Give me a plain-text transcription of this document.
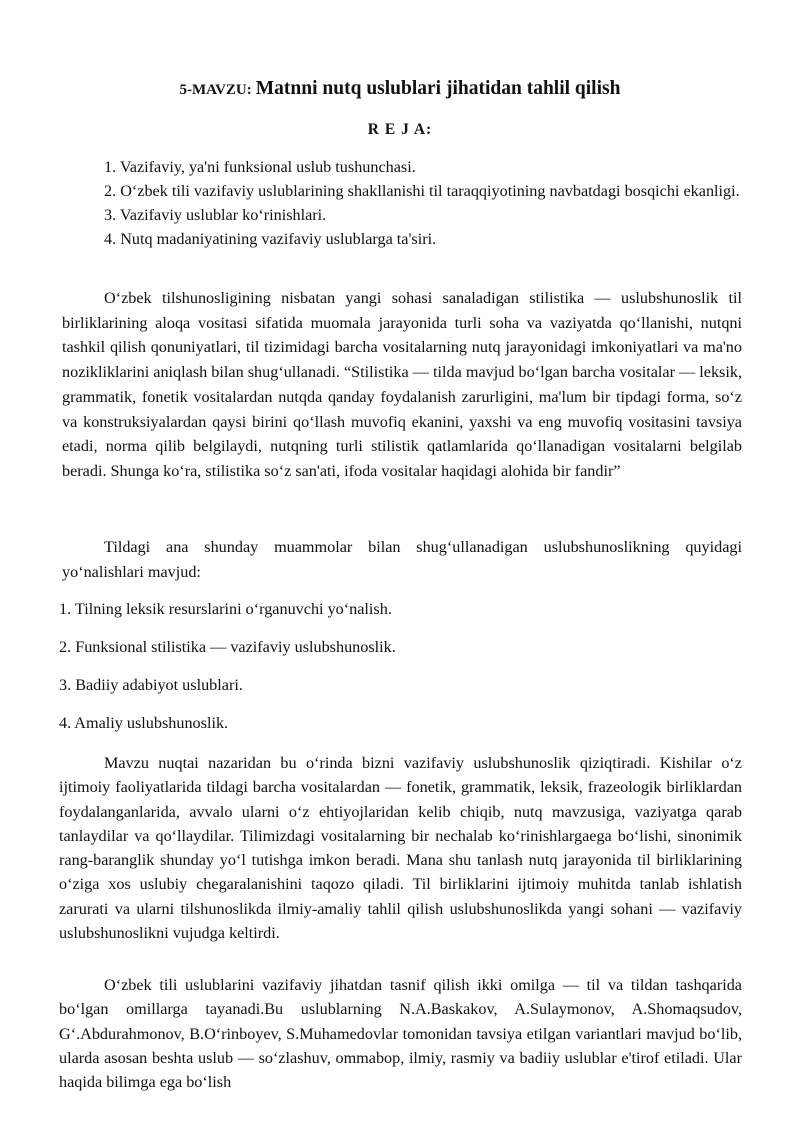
5-MAVZU: Matnni nutq uslublari jihatidan tahlil qilish
R E J A:
1. Vazifaviy, ya'ni funksional uslub tushunchasi.
2. O‘zbek tili vazifaviy uslublarining shakllanishi til taraqqiyotining navbatdagi bosqichi ekanligi.
3. Vazifaviy uslublar ko‘rinishlari.
4. Nutq madaniyatining vazifaviy uslublarga ta'siri.

O‘zbek tilshunosligining nisbatan yangi sohasi sanaladigan stilistika — uslubshunoslik til birliklarining aloqa vositasi sifatida muomala jarayonida turli soha va vaziyatda qo‘llanishi, nutqni tashkil qilish qonuniyatlari, til tizimidagi barcha vositalarning nutq jarayonidagi imkoniyatlari va ma'no nozikliklarini aniqlash bilan shug‘ullanadi. “Stilistika — tilda mavjud bo‘lgan barcha vositalar — leksik, grammatik, fonetik vositalardan nutqda qanday foydalanish zarurligini, ma'lum bir tipdagi forma, so‘z va konstruksiyalardan qaysi birini qo‘llash muvofiq ekanini, yaxshi va eng muvofiq vositasini tavsiya etadi, norma qilib belgilaydi, nutqning turli stilistik qatlamlarida qo‘llanadigan vositalarni belgilab beradi. Shunga ko‘ra, stilistika so‘z san'ati, ifoda vositalar haqidagi alohida bir fandir”

Tildagi ana shunday muammolar bilan shug‘ullanadigan uslubshunoslikning quyidagi yo‘nalishlari mavjud:

1. Tilning leksik resurslarini o‘rganuvchi yo‘nalish.

2. Funksional stilistika — vazifaviy uslubshunoslik.

3. Badiiy adabiyot uslublari.

4. Amaliy uslubshunoslik.

Mavzu nuqtai nazaridan bu o‘rinda bizni vazifaviy uslubshunoslik qiziqtiradi. Kishilar o‘z ijtimoiy faoliyatlarida tildagi barcha vositalardan — fonetik, grammatik, leksik, frazeologik birliklardan foydalanganlarida, avvalo ularni o‘z ehtiyojlaridan kelib chiqib, nutq mavzusiga, vaziyatga qarab tanlaydilar va qo‘llaydilar. Tilimizdagi vositalarning bir nechalab ko‘rinishlargaega bo‘lishi, sinonimik rang-baranglik shunday yo‘l tutishga imkon beradi. Mana shu tanlash nutq jarayonida til birliklarining o‘ziga xos uslubiy chegaralanishini taqozo qiladi. Til birliklarini ijtimoiy muhitda tanlab ishlatish zarurati va ularni tilshunoslikda ilmiy-amaliy tahlil qilish uslubshunoslikda yangi sohani — vazifaviy uslubshunoslikni vujudga keltirdi.

O‘zbek tili uslublarini vazifaviy jihatdan tasnif qilish ikki omilga — til va tildan tashqarida bo‘lgan omillarga tayanadi.Bu uslublarning N.A.Baskakov, A.Sulaymonov, A.Shomaqsudov, G‘.Abdurahmonov, B.O‘rinboyev, S.Muhamedovlar tomonidan tavsiya etilgan variantlari mavjud bo‘lib, ularda asosan beshta uslub — so‘zlashuv, ommabop, ilmiy, rasmiy va badiiy uslublar e'tirof etiladi. Ular haqida bilimga ega bo‘lish
